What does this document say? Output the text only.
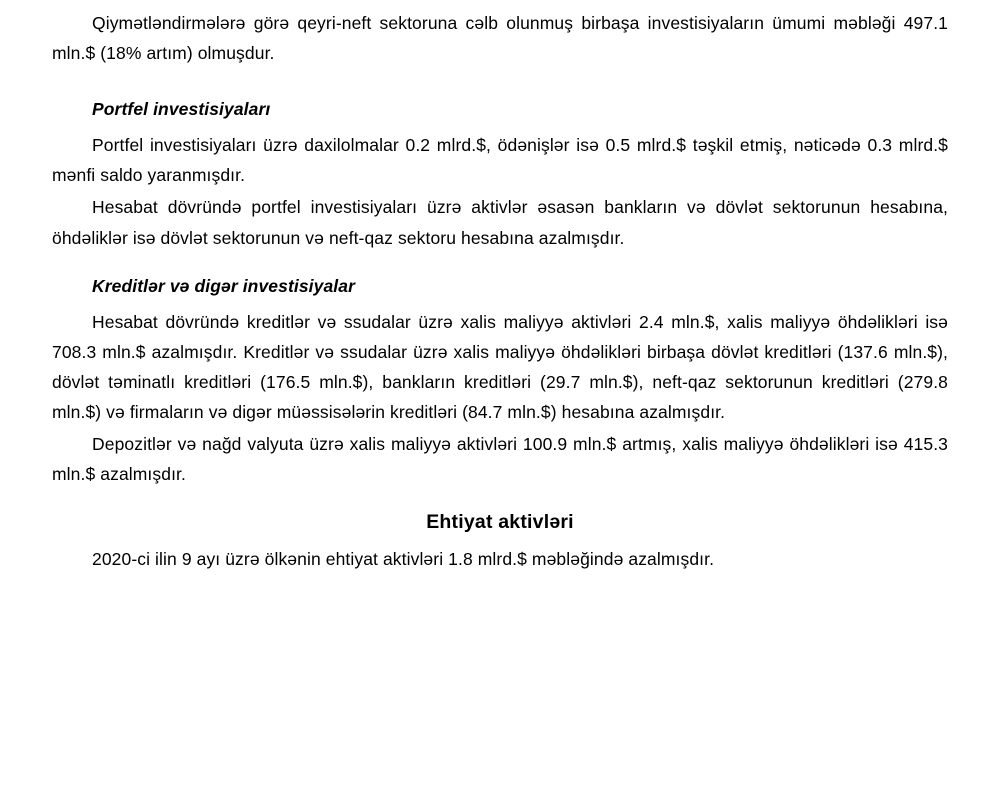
Qiymətləndirmələrə görə qeyri-neft sektoruna cəlb olunmuş birbaşa investisiyaların ümumi məbləği 497.1 mln.$ (18% artım) olmuşdur.

Portfel investisiyaları

Portfel investisiyaları üzrə daxilolmalar 0.2 mlrd.$, ödənişlər isə 0.5 mlrd.$ təşkil etmiş, nəticədə 0.3 mlrd.$ mənfi saldo yaranmışdır.

Hesabat dövründə portfel investisiyaları üzrə aktivlər əsasən bankların və dövlət sektorunun hesabına, öhdəliklər isə dövlət sektorunun və neft-qaz sektoru hesabına azalmışdır.

Kreditlər və digər investisiyalar

Hesabat dövründə kreditlər və ssudalar üzrə xalis maliyyə aktivləri 2.4 mln.$, xalis maliyyə öhdəlikləri isə 708.3 mln.$ azalmışdır. Kreditlər və ssudalar üzrə xalis maliyyə öhdəlikləri birbaşa dövlət kreditləri (137.6 mln.$), dövlət təminatlı kreditləri (176.5 mln.$), bankların kreditləri (29.7 mln.$), neft-qaz sektorunun kreditləri (279.8 mln.$) və firmaların və digər müəssisələrin kreditləri (84.7 mln.$) hesabına azalmışdır.

Depozitlər və nağd valyuta üzrə xalis maliyyə aktivləri 100.9 mln.$ artmış, xalis maliyyə öhdəlikləri isə 415.3 mln.$ azalmışdır.

Ehtiyat aktivləri

2020-ci ilin 9 ayı üzrə ölkənin ehtiyat aktivləri 1.8 mlrd.$ məbləğində azalmışdır.
